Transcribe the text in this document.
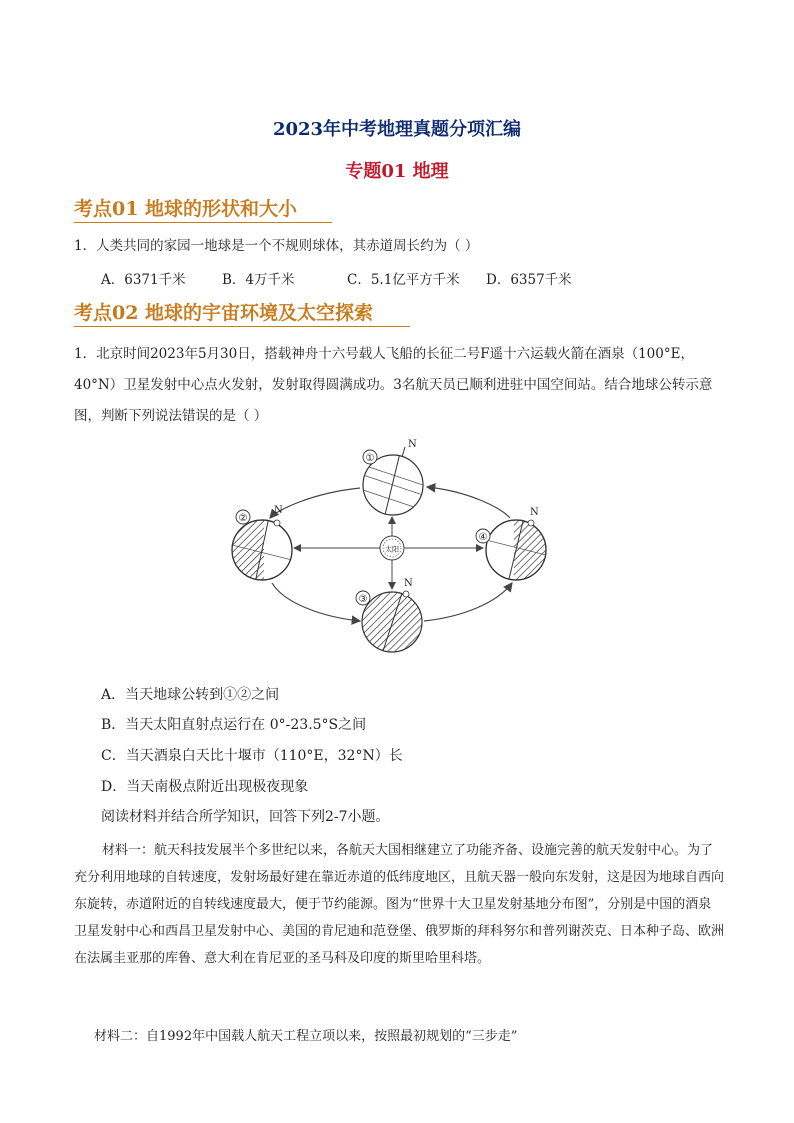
2023年中考地理真题分项汇编
专题01 地理
考点01 地球的形状和大小
1．人类共同的家园一地球是一个不规则球体，其赤道周长约为（ ）
A．6371千米	B．4万千米	C．5.1亿平方千米 D．6357千米
考点02 地球的宇宙环境及太空探索
1．北京时间2023年5月30日，搭载神舟十六号载人飞船的长征二号F遥十六运载火箭在酒泉（100°E，
40°N）卫星发射中心点火发射，发射取得圆满成功。3名航天员已顺利进驻中国空间站。结合地球公转示意
图，判断下列说法错误的是（ ）
太阳
①
N
②
N
③
N
④
N
A．当天地球公转到①②之间
B．当天太阳直射点运行在 0°-23.5°S之间
C．当天酒泉白天比十堰市（110°E，32°N）长
D．当天南极点附近出现极夜现象
阅读材料并结合所学知识，回答下列2-7小题。
材料一：航天科技发展半个多世纪以来，各航天大国相继建立了功能齐备、设施完善的航天发射中心。为了充分利用地球的自转速度，发射场最好建在靠近赤道的低纬度地区，且航天器一般向东发射，这是因为地球自西向东旋转，赤道附近的自转线速度最大，便于节约能源。图为“世界十大卫星发射基地分布图”，分别是中国的酒泉卫星发射中心和西昌卫星发射中心、美国的肯尼迪和范登堡、俄罗斯的拜科努尔和普列谢茨克、日本种子岛、欧洲在法属圭亚那的库鲁、意大利在肯尼亚的圣马科及印度的斯里哈里科塔。
材料二：自1992年中国载人航天工程立项以来，按照最初规划的“三步走”
